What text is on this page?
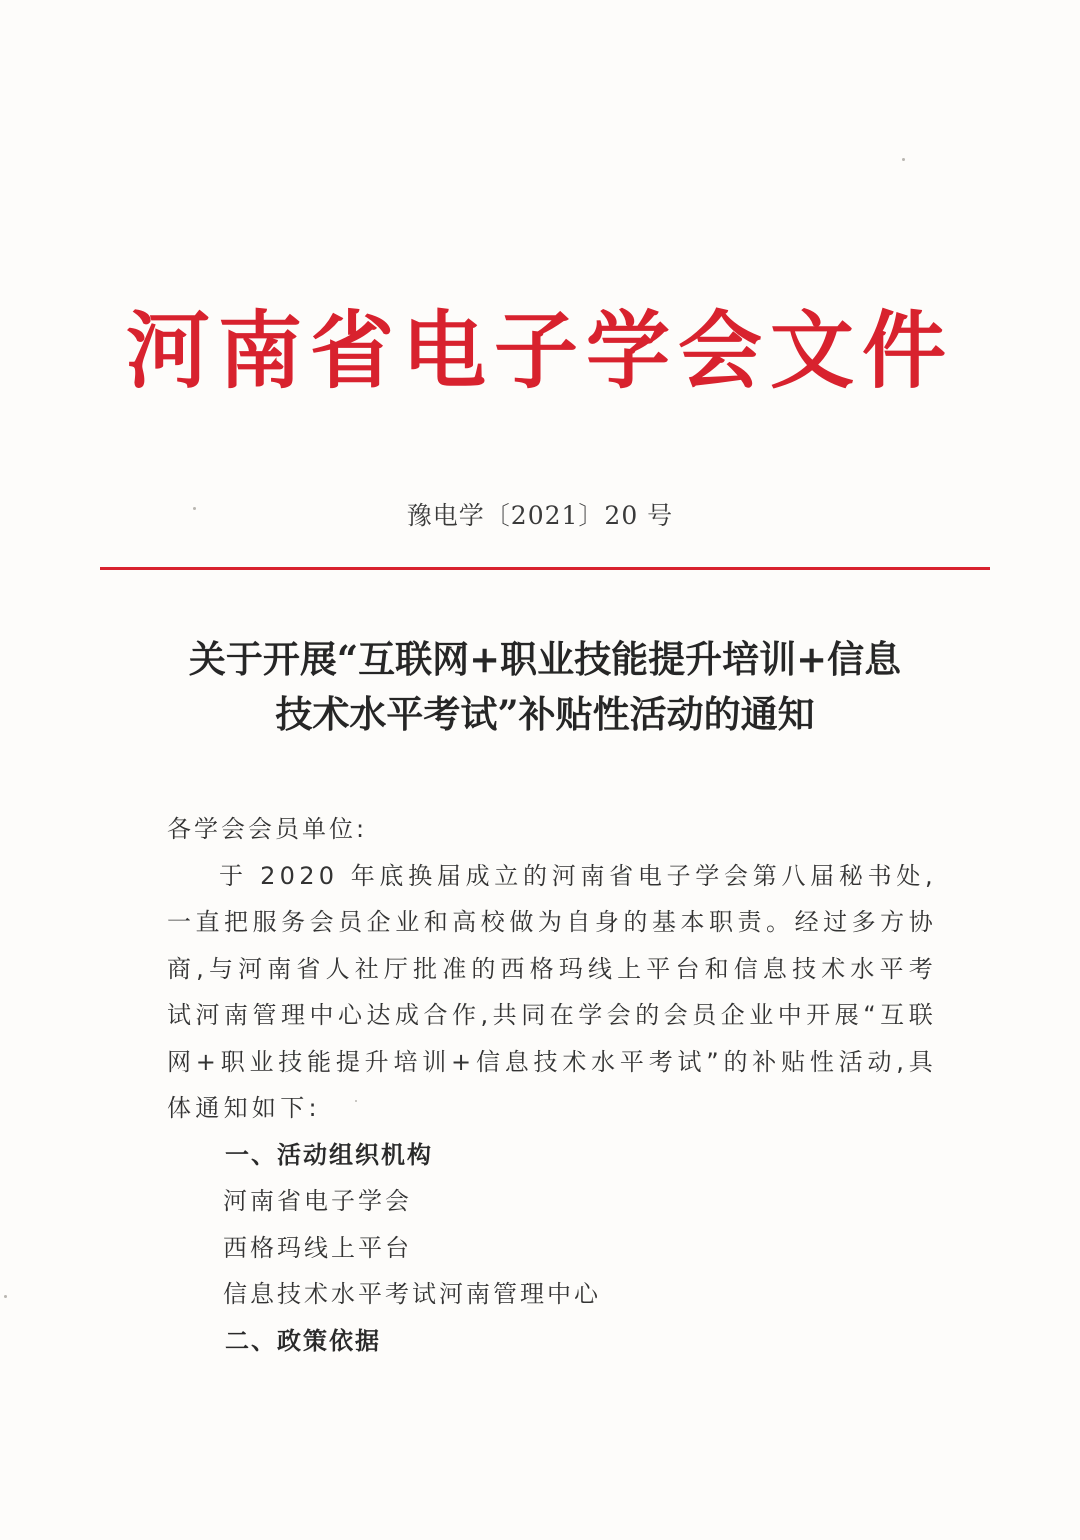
河南省电子学会文件
豫电学〔2021〕20 号
关于开展“互联网+职业技能提升培训+信息
技术水平考试”补贴性活动的通知

各学会会员单位:

于 2020 年底换届成立的河南省电子学会第八届秘书处,一直把服务会员企业和高校做为自身的基本职责。经过多方协商,与河南省人社厅批准的西格玛线上平台和信息技术水平考试河南管理中心达成合作,共同在学会的会员企业中开展“互联网+职业技能提升培训+信息技术水平考试”的补贴性活动,具体通知如下:

一、活动组织机构

河南省电子学会

西格玛线上平台

信息技术水平考试河南管理中心

二、政策依据
